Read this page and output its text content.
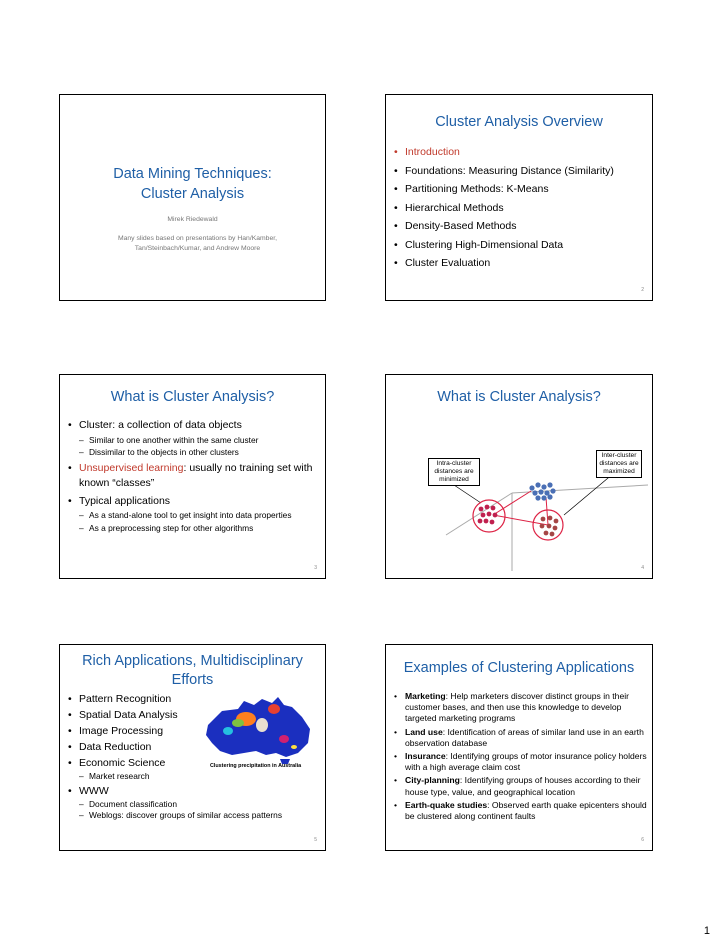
Data Mining Techniques:
Cluster Analysis
Mirek Riedewald
Many slides based on presentations by Han/Kamber, Tan/Steinbach/Kumar, and Andrew Moore
Cluster Analysis Overview
• Introduction
• Foundations: Measuring Distance (Similarity)
• Partitioning Methods: K-Means
• Hierarchical Methods
• Density-Based Methods
• Clustering High-Dimensional Data
• Cluster Evaluation
2
What is Cluster Analysis?
• Cluster: a collection of data objects
– Similar to one another within the same cluster
– Dissimilar to the objects in other clusters
• Unsupervised learning: usually no training set with known “classes”
• Typical applications
– As a stand-alone tool to get insight into data properties
– As a preprocessing step for other algorithms
3
What is Cluster Analysis?
Intra-cluster distances are minimized
Inter-cluster distances are maximized
4
Rich Applications, Multidisciplinary Efforts
• Pattern Recognition
• Spatial Data Analysis
• Image Processing
• Data Reduction
• Economic Science
– Market research
• WWW
– Document classification
– Weblogs: discover groups of similar access patterns
Clustering precipitation in Australia
5
Examples of Clustering Applications
• Marketing: Help marketers discover distinct groups in their customer bases, and then use this knowledge to develop targeted marketing programs
• Land use: Identification of areas of similar land use in an earth observation database
• Insurance: Identifying groups of motor insurance policy holders with a high average claim cost
• City-planning: Identifying groups of houses according to their house type, value, and geographical location
• Earth-quake studies: Observed earth quake epicenters should be clustered along continent faults
6
1
